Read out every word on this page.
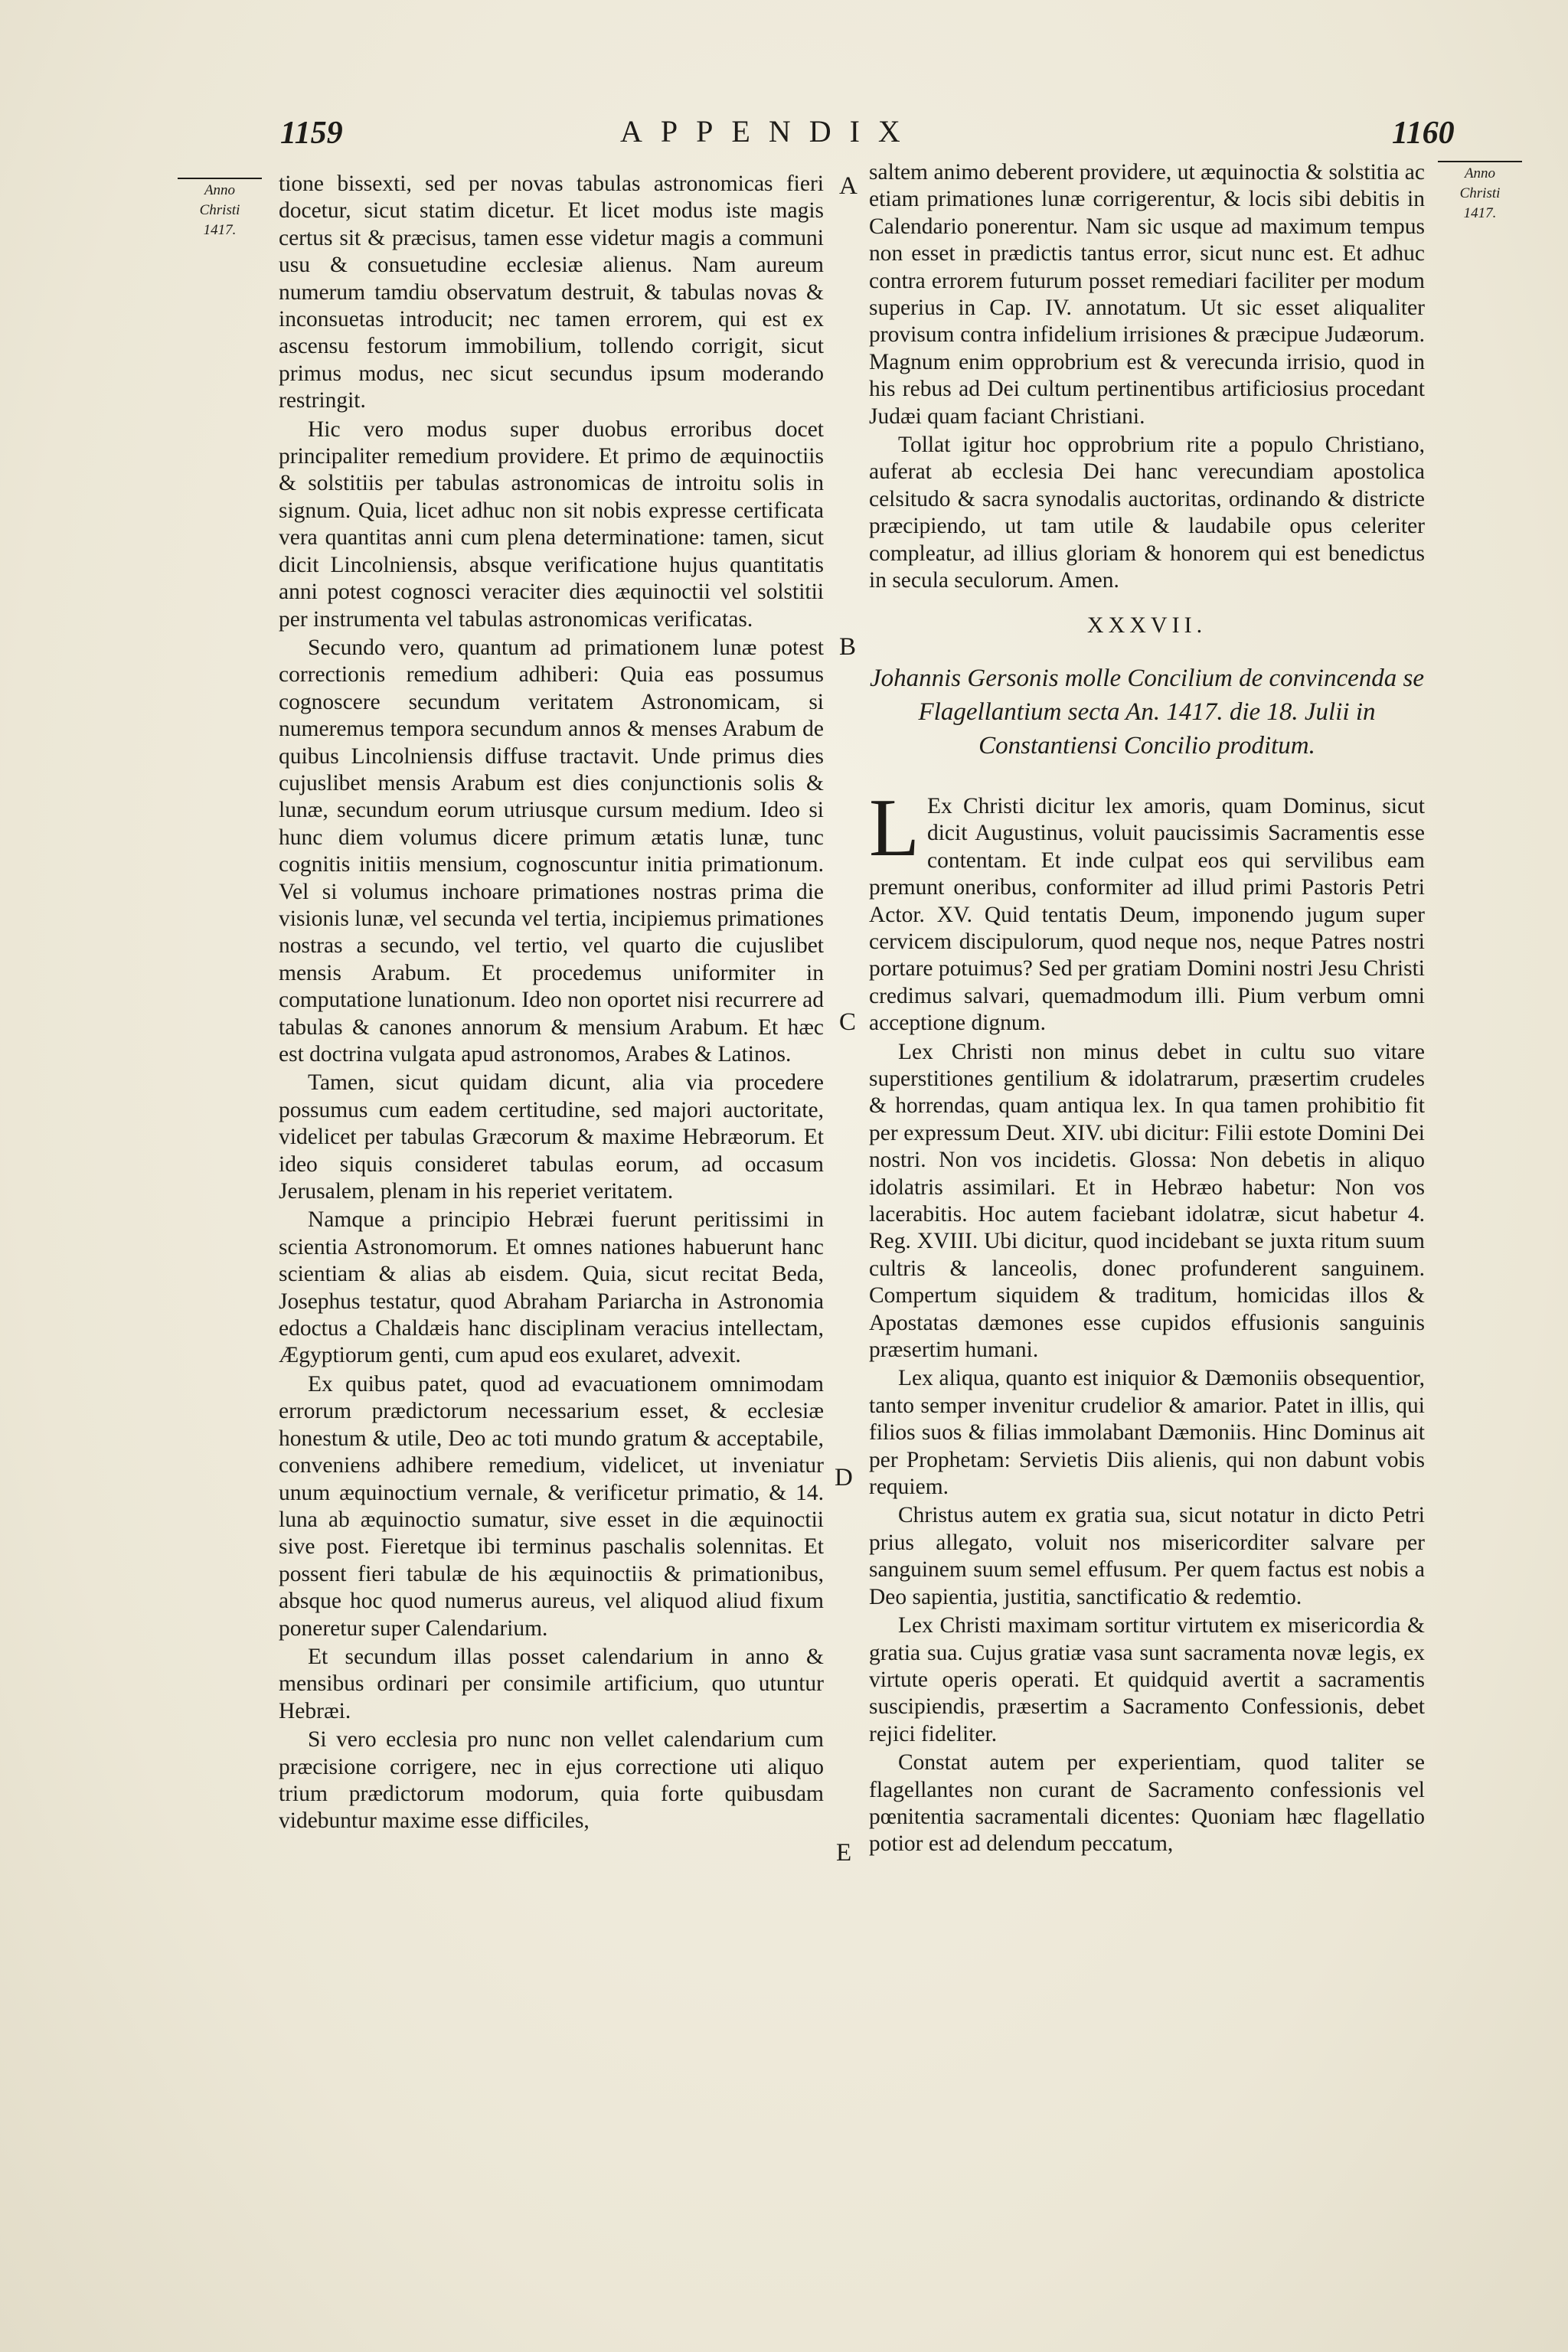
1159	APPENDIX	1160
Anno
Christi
1417.
Anno
Christi
1417.
A
B
C
D
E

tione bissexti, sed per novas tabulas astronomicas fieri docetur, sicut statim dicetur. Et licet modus iste magis certus sit & præcisus, tamen esse videtur magis a communi usu & consuetudine ecclesiæ alienus. Nam aureum numerum tamdiu observatum destruit, & tabulas novas & inconsuetas introducit; nec tamen errorem, qui est ex ascensu festorum immobilium, tollendo corrigit, sicut primus modus, nec sicut secundus ipsum moderando restringit.

Hic vero modus super duobus erroribus docet principaliter remedium providere. Et primo de æquinoctiis & solstitiis per tabulas astronomicas de introitu solis in signum. Quia, licet adhuc non sit nobis expresse certificata vera quantitas anni cum plena determinatione: tamen, sicut dicit Lincolniensis, absque verificatione hujus quantitatis anni potest cognosci veraciter dies æquinoctii vel solstitii per instrumenta vel tabulas astronomicas verificatas.

Secundo vero, quantum ad primationem lunæ potest correctionis remedium adhiberi: Quia eas possumus cognoscere secundum veritatem Astronomicam, si numeremus tempora secundum annos & menses Arabum de quibus Lincolniensis diffuse tractavit. Unde primus dies cujuslibet mensis Arabum est dies conjunctionis solis & lunæ, secundum eorum utriusque cursum medium. Ideo si hunc diem volumus dicere primum ætatis lunæ, tunc cognitis initiis mensium, cognoscuntur initia primationum. Vel si volumus inchoare primationes nostras prima die visionis lunæ, vel secunda vel tertia, incipiemus primationes nostras a secundo, vel tertio, vel quarto die cujuslibet mensis Arabum. Et procedemus uniformiter in computatione lunationum. Ideo non oportet nisi recurrere ad tabulas & canones annorum & mensium Arabum. Et hæc est doctrina vulgata apud astronomos, Arabes & Latinos.

Tamen, sicut quidam dicunt, alia via procedere possumus cum eadem certitudine, sed majori auctoritate, videlicet per tabulas Græcorum & maxime Hebræorum. Et ideo siquis consideret tabulas eorum, ad occasum Jerusalem, plenam in his reperiet veritatem.

Namque a principio Hebræi fuerunt peritissimi in scientia Astronomorum. Et omnes nationes habuerunt hanc scientiam & alias ab eisdem. Quia, sicut recitat Beda, Josephus testatur, quod Abraham Pariarcha in Astronomia edoctus a Chaldæis hanc disciplinam veracius intellectam, Ægyptiorum genti, cum apud eos exularet, advexit.

Ex quibus patet, quod ad evacuationem omnimodam errorum prædictorum necessarium esset, & ecclesiæ honestum & utile, Deo ac toti mundo gratum & acceptabile, conveniens adhibere remedium, videlicet, ut inveniatur unum æquinoctium vernale, & verificetur primatio, & 14. luna ab æquinoctio sumatur, sive esset in die æquinoctii sive post. Fieretque ibi terminus paschalis solennitas. Et possent fieri tabulæ de his æquinoctiis & primationibus, absque hoc quod numerus aureus, vel aliquod aliud fixum poneretur super Calendarium.

Et secundum illas posset calendarium in anno & mensibus ordinari per consimile artificium, quo utuntur Hebræi.

Si vero ecclesia pro nunc non vellet calendarium cum præcisione corrigere, nec in ejus correctione uti aliquo trium prædictorum modorum, quia forte quibusdam videbuntur maxime esse difficiles,

saltem animo deberent providere, ut æquinoctia & solstitia ac etiam primationes lunæ corrigerentur, & locis sibi debitis in Calendario ponerentur. Nam sic usque ad maximum tempus non esset in prædictis tantus error, sicut nunc est. Et adhuc contra errorem futurum posset remediari faciliter per modum superius in Cap. IV. annotatum. Ut sic esset aliqualiter provisum contra infidelium irrisiones & præcipue Judæorum. Magnum enim opprobrium est & verecunda irrisio, quod in his rebus ad Dei cultum pertinentibus artificiosius procedant Judæi quam faciant Christiani.

Tollat igitur hoc opprobrium rite a populo Christiano, auferat ab ecclesia Dei hanc verecundiam apostolica celsitudo & sacra synodalis auctoritas, ordinando & districte præcipiendo, ut tam utile & laudabile opus celeriter compleatur, ad illius gloriam & honorem qui est benedictus in secula seculorum. Amen.

XXXVII.
Johannis Gersonis molle Concilium de convincenda se Flagellantium secta An. 1417. die 18. Julii in Constantiensi Concilio proditum.
L Ex Christi dicitur lex amoris, quam Dominus, sicut dicit Augustinus, voluit paucissimis Sacramentis esse contentam. Et inde culpat eos qui servilibus eam premunt oneribus, conformiter ad illud primi Pastoris Petri Actor. XV. Quid tentatis Deum, imponendo jugum super cervicem discipulorum, quod neque nos, neque Patres nostri portare potuimus? Sed per gratiam Domini nostri Jesu Christi credimus salvari, quemadmodum illi. Pium verbum omni acceptione dignum.

Lex Christi non minus debet in cultu suo vitare superstitiones gentilium & idolatrarum, præsertim crudeles & horrendas, quam antiqua lex. In qua tamen prohibitio fit per expressum Deut. XIV. ubi dicitur: Filii estote Domini Dei nostri. Non vos incidetis. Glossa: Non debetis in aliquo idolatris assimilari. Et in Hebræo habetur: Non vos lacerabitis. Hoc autem faciebant idolatræ, sicut habetur 4. Reg. XVIII. Ubi dicitur, quod incidebant se juxta ritum suum cultris & lanceolis, donec profunderent sanguinem. Compertum siquidem & traditum, homicidas illos & Apostatas dæmones esse cupidos effusionis sanguinis præsertim humani.

Lex aliqua, quanto est iniquior & Dæmoniis obsequentior, tanto semper invenitur crudelior & amarior. Patet in illis, qui filios suos & filias immolabant Dæmoniis. Hinc Dominus ait per Prophetam: Servietis Diis alienis, qui non dabunt vobis requiem.

Christus autem ex gratia sua, sicut notatur in dicto Petri prius allegato, voluit nos misericorditer salvare per sanguinem suum semel effusum. Per quem factus est nobis a Deo sapientia, justitia, sanctificatio & redemtio.

Lex Christi maximam sortitur virtutem ex misericordia & gratia sua. Cujus gratiæ vasa sunt sacramenta novæ legis, ex virtute operis operati. Et quidquid avertit a sacramentis suscipiendis, præsertim a Sacramento Confessionis, debet rejici fideliter.

Constat autem per experientiam, quod taliter se flagellantes non curant de Sacramento confessionis vel pœnitentia sacramentali dicentes: Quoniam hæc flagellatio potior est ad delendum peccatum,
